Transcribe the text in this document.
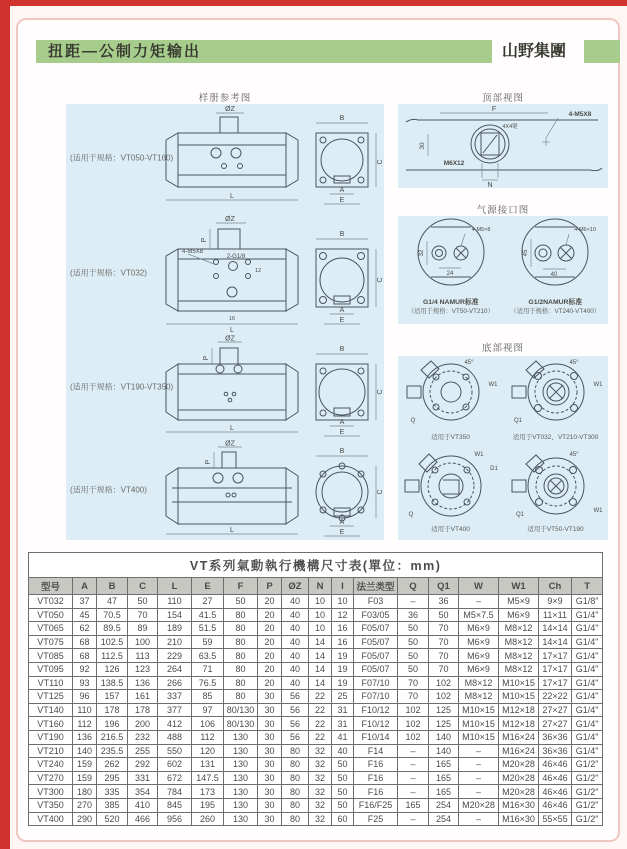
扭距—公制力矩输出	山野集團
样册参考图
(适用于规格：VT050-VT160)
ØZ
L
B
C
A
E
(适用于规格：VT032)
ØZ
P
4-M5X8
2-G1/8
12
16
L
B
C
A
E
(适用于规格：VT190-VT350)
ØZ
P
L
B
C
A
E
(适用于规格：VT400)
ØZ
P
L
B
C
A
E
顶部视图
F
4-M5X8
4X4键
30
M6X12
N
气源接口图
4-M5×8
32
24
G1/4 NAMUR标准
（适用于规格：VT50-VT210）

4-M6×10
45
40
G1/2NAMUR标准
（适用于规格：VT240-VT400）
底部视图
45°
W1
Q
适用于VT350
45°
W1
Q1
适用于VT032、VT210-VT300
W1
D1
Q
适用于VT400
45°
W1
Q1
适用于VT50-VT190
VT系列氣動執行機構尺寸表(單位：mm)																	
型号	A	B	C	L	E	F	P	ØZ	N	I	法兰类型	Q	Q1	W	W1	Ch	T
VT032	37	47	50	110	27	50	20	40	10	10	F03	–	36	–	M5×9	9×9	G1/8"
VT050	45	70.5	70	154	41.5	80	20	40	10	12	F03/05	36	50	M5×7.5	M6×9	11×11	G1/4"
VT065	62	89.5	89	189	51.5	80	20	40	10	16	F05/07	50	70	M6×9	M8×12	14×14	G1/4"
VT075	68	102.5	100	210	59	80	20	40	14	16	F05/07	50	70	M6×9	M8×12	14×14	G1/4"
VT085	68	112.5	113	229	63.5	80	20	40	14	19	F05/07	50	70	M6×9	M8×12	17×17	G1/4"
VT095	92	126	123	264	71	80	20	40	14	19	F05/07	50	70	M6×9	M8×12	17×17	G1/4"
VT110	93	138.5	136	266	76.5	80	20	40	14	19	F07/10	70	102	M8×12	M10×15	17×17	G1/4"
VT125	96	157	161	337	85	80	30	56	22	25	F07/10	70	102	M8×12	M10×15	22×22	G1/4"
VT140	110	178	178	377	97	80/130	30	56	22	31	F10/12	102	125	M10×15	M12×18	27×27	G1/4"
VT160	112	196	200	412	106	80/130	30	56	22	31	F10/12	102	125	M10×15	M12×18	27×27	G1/4"
VT190	136	216.5	232	488	112	130	30	56	22	41	F10/14	102	140	M10×15	M16×24	36×36	G1/4"
VT210	140	235.5	255	550	120	130	30	80	32	40	F14	–	140	–	M16×24	36×36	G1/4"
VT240	159	262	292	602	131	130	30	80	32	50	F16	–	165	–	M20×28	46×46	G1/2"
VT270	159	295	331	672	147.5	130	30	80	32	50	F16	–	165	–	M20×28	46×46	G1/2"
VT300	180	335	354	784	173	130	30	80	32	50	F16	–	165	–	M20×28	46×46	G1/2"
VT350	270	385	410	845	195	130	30	80	32	50	F16/F25	165	254	M20×28	M16×30	46×46	G1/2"
VT400	290	520	466	956	260	130	30	80	32	60	F25	–	254	–	M16×30	55×55	G1/2"
